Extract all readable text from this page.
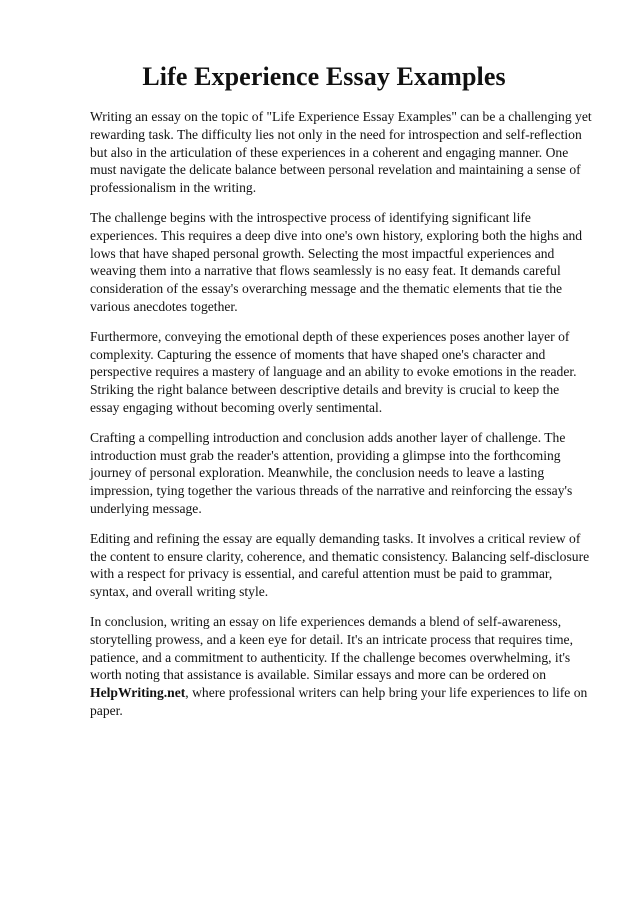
Life Experience Essay Examples

Writing an essay on the topic of "Life Experience Essay Examples" can be a challenging yet rewarding task. The difficulty lies not only in the need for introspection and self-reflection but also in the articulation of these experiences in a coherent and engaging manner. One must navigate the delicate balance between personal revelation and maintaining a sense of professionalism in the writing.

The challenge begins with the introspective process of identifying significant life experiences. This requires a deep dive into one's own history, exploring both the highs and lows that have shaped personal growth. Selecting the most impactful experiences and weaving them into a narrative that flows seamlessly is no easy feat. It demands careful consideration of the essay's overarching message and the thematic elements that tie the various anecdotes together.

Furthermore, conveying the emotional depth of these experiences poses another layer of complexity. Capturing the essence of moments that have shaped one's character and perspective requires a mastery of language and an ability to evoke emotions in the reader. Striking the right balance between descriptive details and brevity is crucial to keep the essay engaging without becoming overly sentimental.

Crafting a compelling introduction and conclusion adds another layer of challenge. The introduction must grab the reader's attention, providing a glimpse into the forthcoming journey of personal exploration. Meanwhile, the conclusion needs to leave a lasting impression, tying together the various threads of the narrative and reinforcing the essay's underlying message.

Editing and refining the essay are equally demanding tasks. It involves a critical review of the content to ensure clarity, coherence, and thematic consistency. Balancing self-disclosure with a respect for privacy is essential, and careful attention must be paid to grammar, syntax, and overall writing style.

In conclusion, writing an essay on life experiences demands a blend of self-awareness, storytelling prowess, and a keen eye for detail. It's an intricate process that requires time, patience, and a commitment to authenticity. If the challenge becomes overwhelming, it's worth noting that assistance is available. Similar essays and more can be ordered on HelpWriting.net, where professional writers can help bring your life experiences to life on paper.
